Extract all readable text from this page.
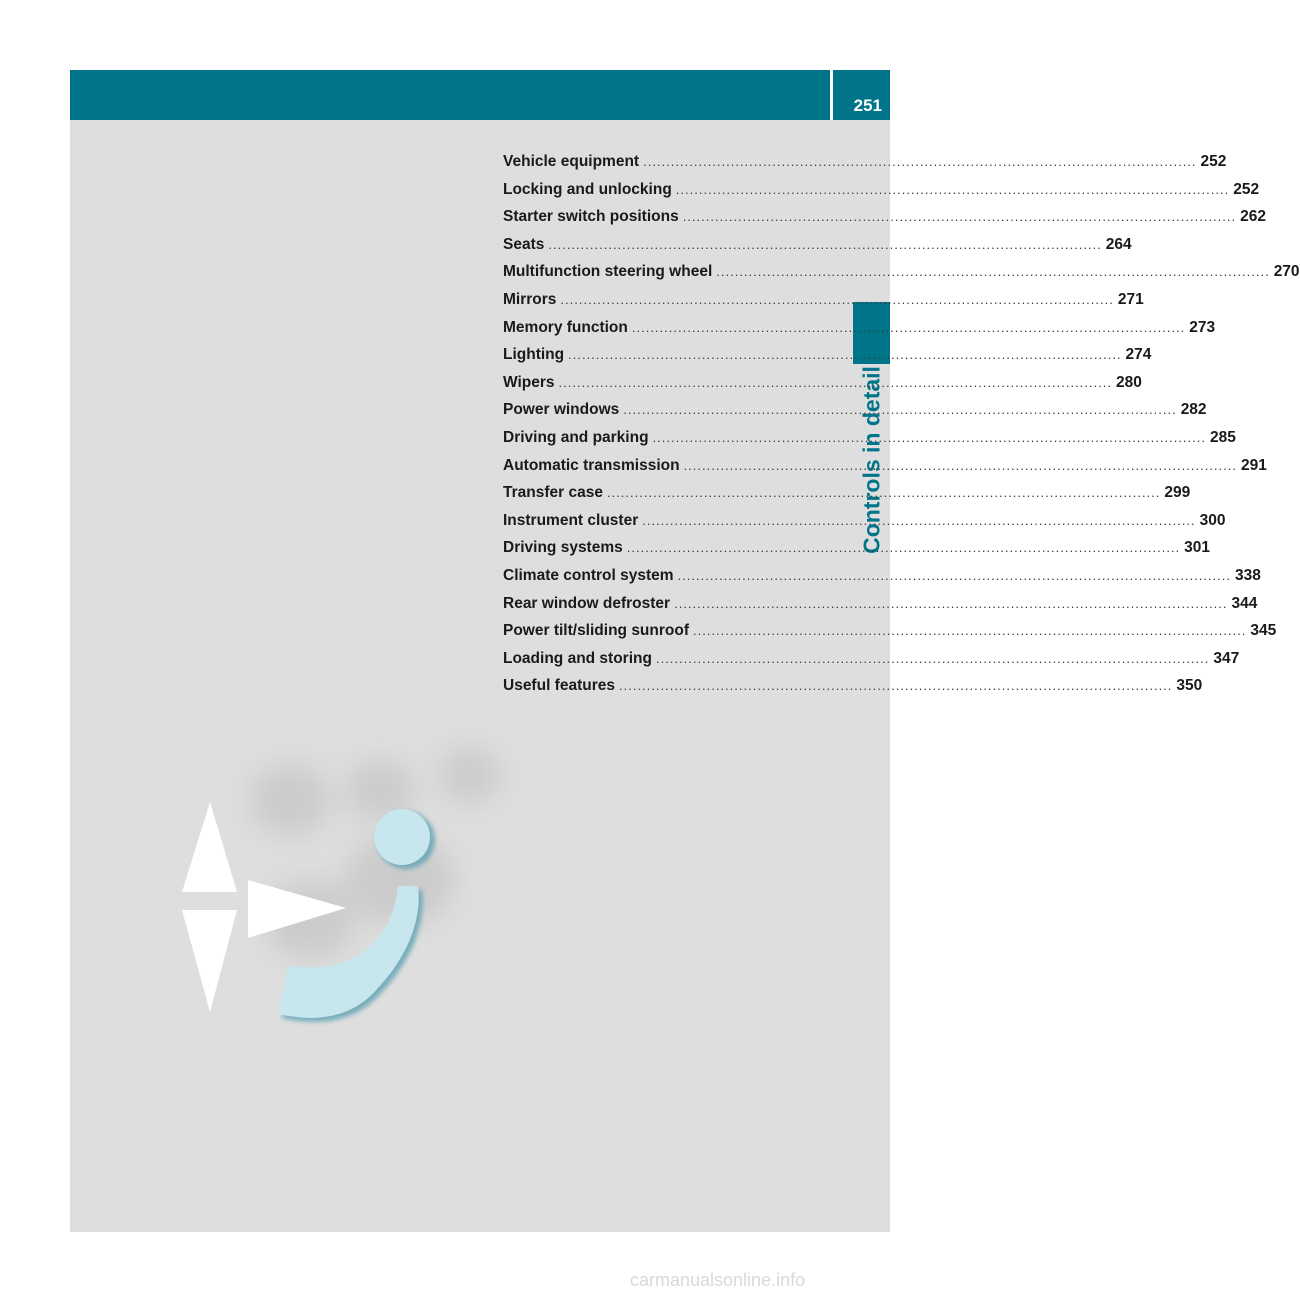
251
Controls in detail
Vehicle equipment ........................................................................................................................ 252
Locking and unlocking ........................................................................................................................ 252
Starter switch positions ........................................................................................................................ 262
Seats ........................................................................................................................ 264
Multifunction steering wheel ........................................................................................................................ 270
Mirrors ........................................................................................................................ 271
Memory function ........................................................................................................................ 273
Lighting ........................................................................................................................ 274
Wipers ........................................................................................................................ 280
Power windows ........................................................................................................................ 282
Driving and parking ........................................................................................................................ 285
Automatic transmission ........................................................................................................................ 291
Transfer case ........................................................................................................................ 299
Instrument cluster ........................................................................................................................ 300
Driving systems ........................................................................................................................ 301
Climate control system ........................................................................................................................ 338
Rear window defroster ........................................................................................................................ 344
Power tilt/sliding sunroof ........................................................................................................................ 345
Loading and storing ........................................................................................................................ 347
Useful features ........................................................................................................................ 350
carmanualsonline.info
